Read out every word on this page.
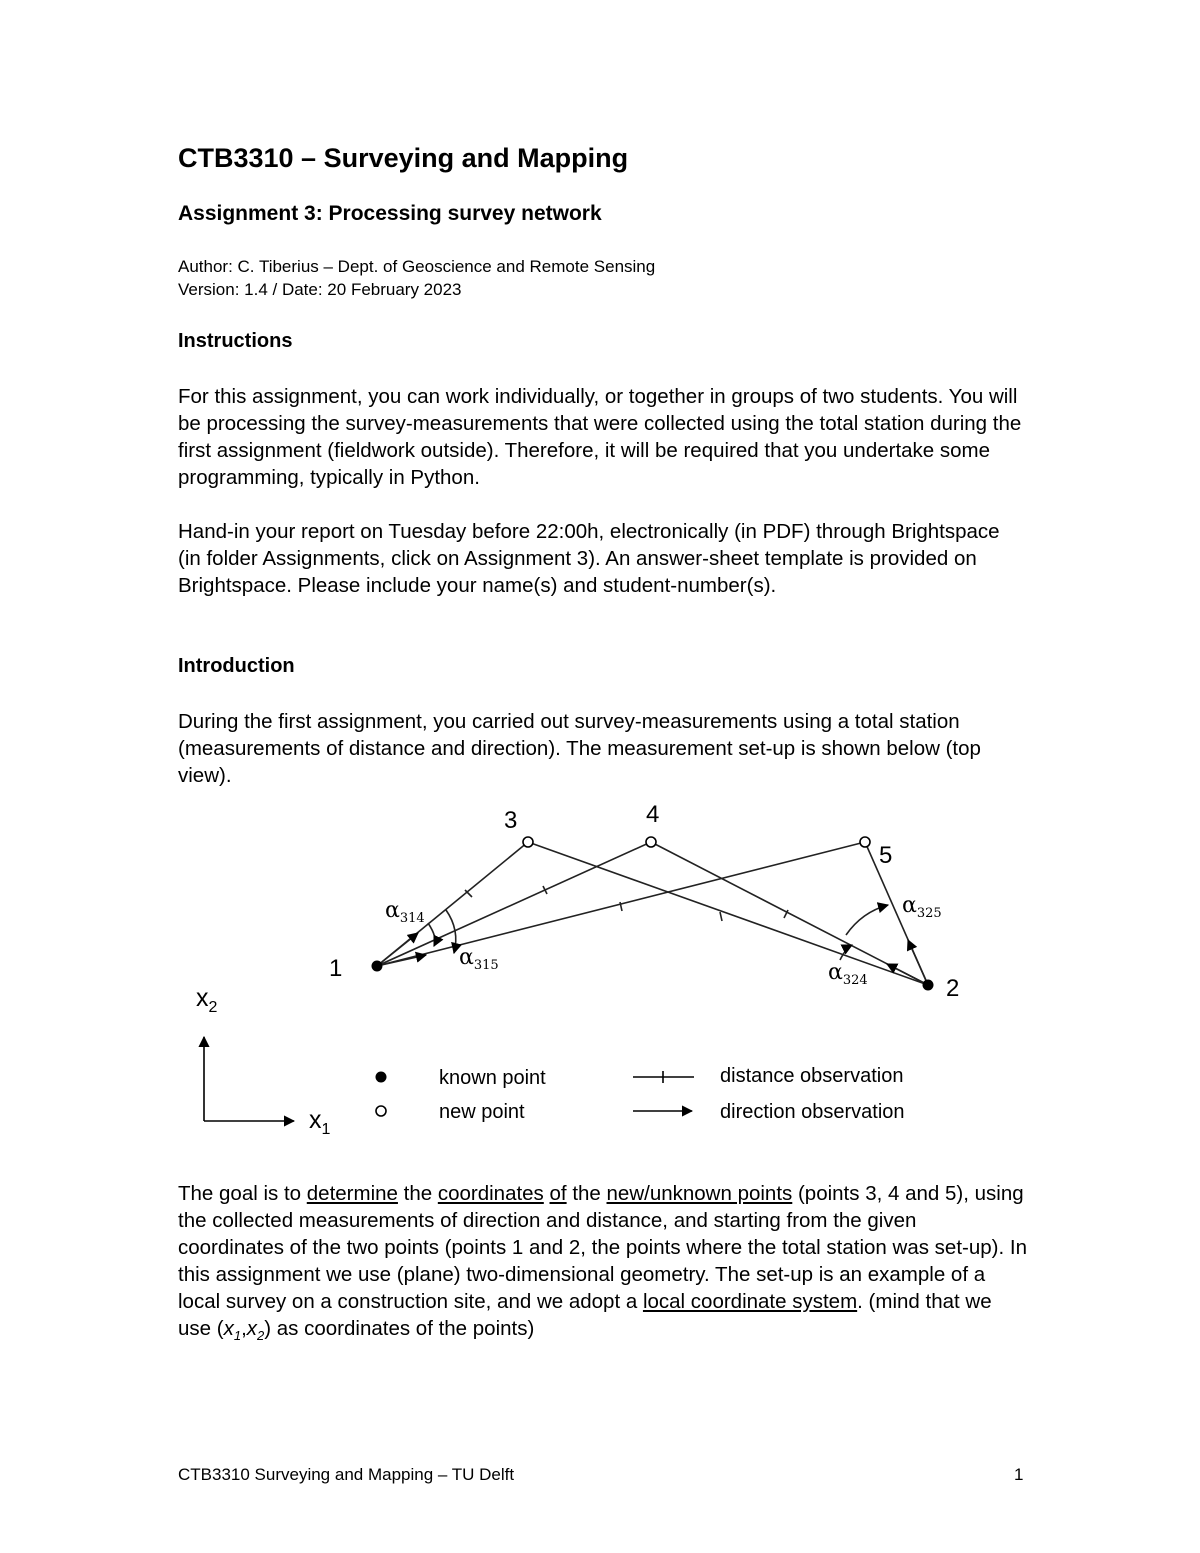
CTB3310 – Surveying and Mapping
Assignment 3: Processing survey network
Author: C. Tiberius – Dept. of Geoscience and Remote Sensing
Version: 1.4 / Date: 20 February 2023
Instructions
For this assignment, you can work individually, or together in groups of two students. You will be processing the survey-measurements that were collected using the total station during the first assignment (fieldwork outside). Therefore, it will be required that you undertake some programming, typically in Python.
Hand-in your report on Tuesday before 22:00h, electronically (in PDF) through Brightspace (in folder Assignments, click on Assignment 3). An answer-sheet template is provided on Brightspace. Please include your name(s) and student-number(s).
Introduction
During the first assignment, you carried out survey-measurements using a total station (measurements of distance and direction). The measurement set-up is shown below (top view).
1
2
3	4
5
$\alpha_{314}$
$\alpha_{315}$	$\alpha_{324}$
$\alpha_{325}$
$x_2$
$x_1$
known point
new point
distance observation
direction observation
The goal is to determine the coordinates of the new/unknown points (points 3, 4 and 5), using the collected measurements of direction and distance, and starting from the given coordinates of the two points (points 1 and 2, the points where the total station was set-up). In this assignment we use (plane) two-dimensional geometry. The set-up is an example of a local survey on a construction site, and we adopt a local coordinate system. (mind that we use $(x_1,x_2)$ as coordinates of the points)
CTB3310 Surveying and Mapping – TU Delft	1
